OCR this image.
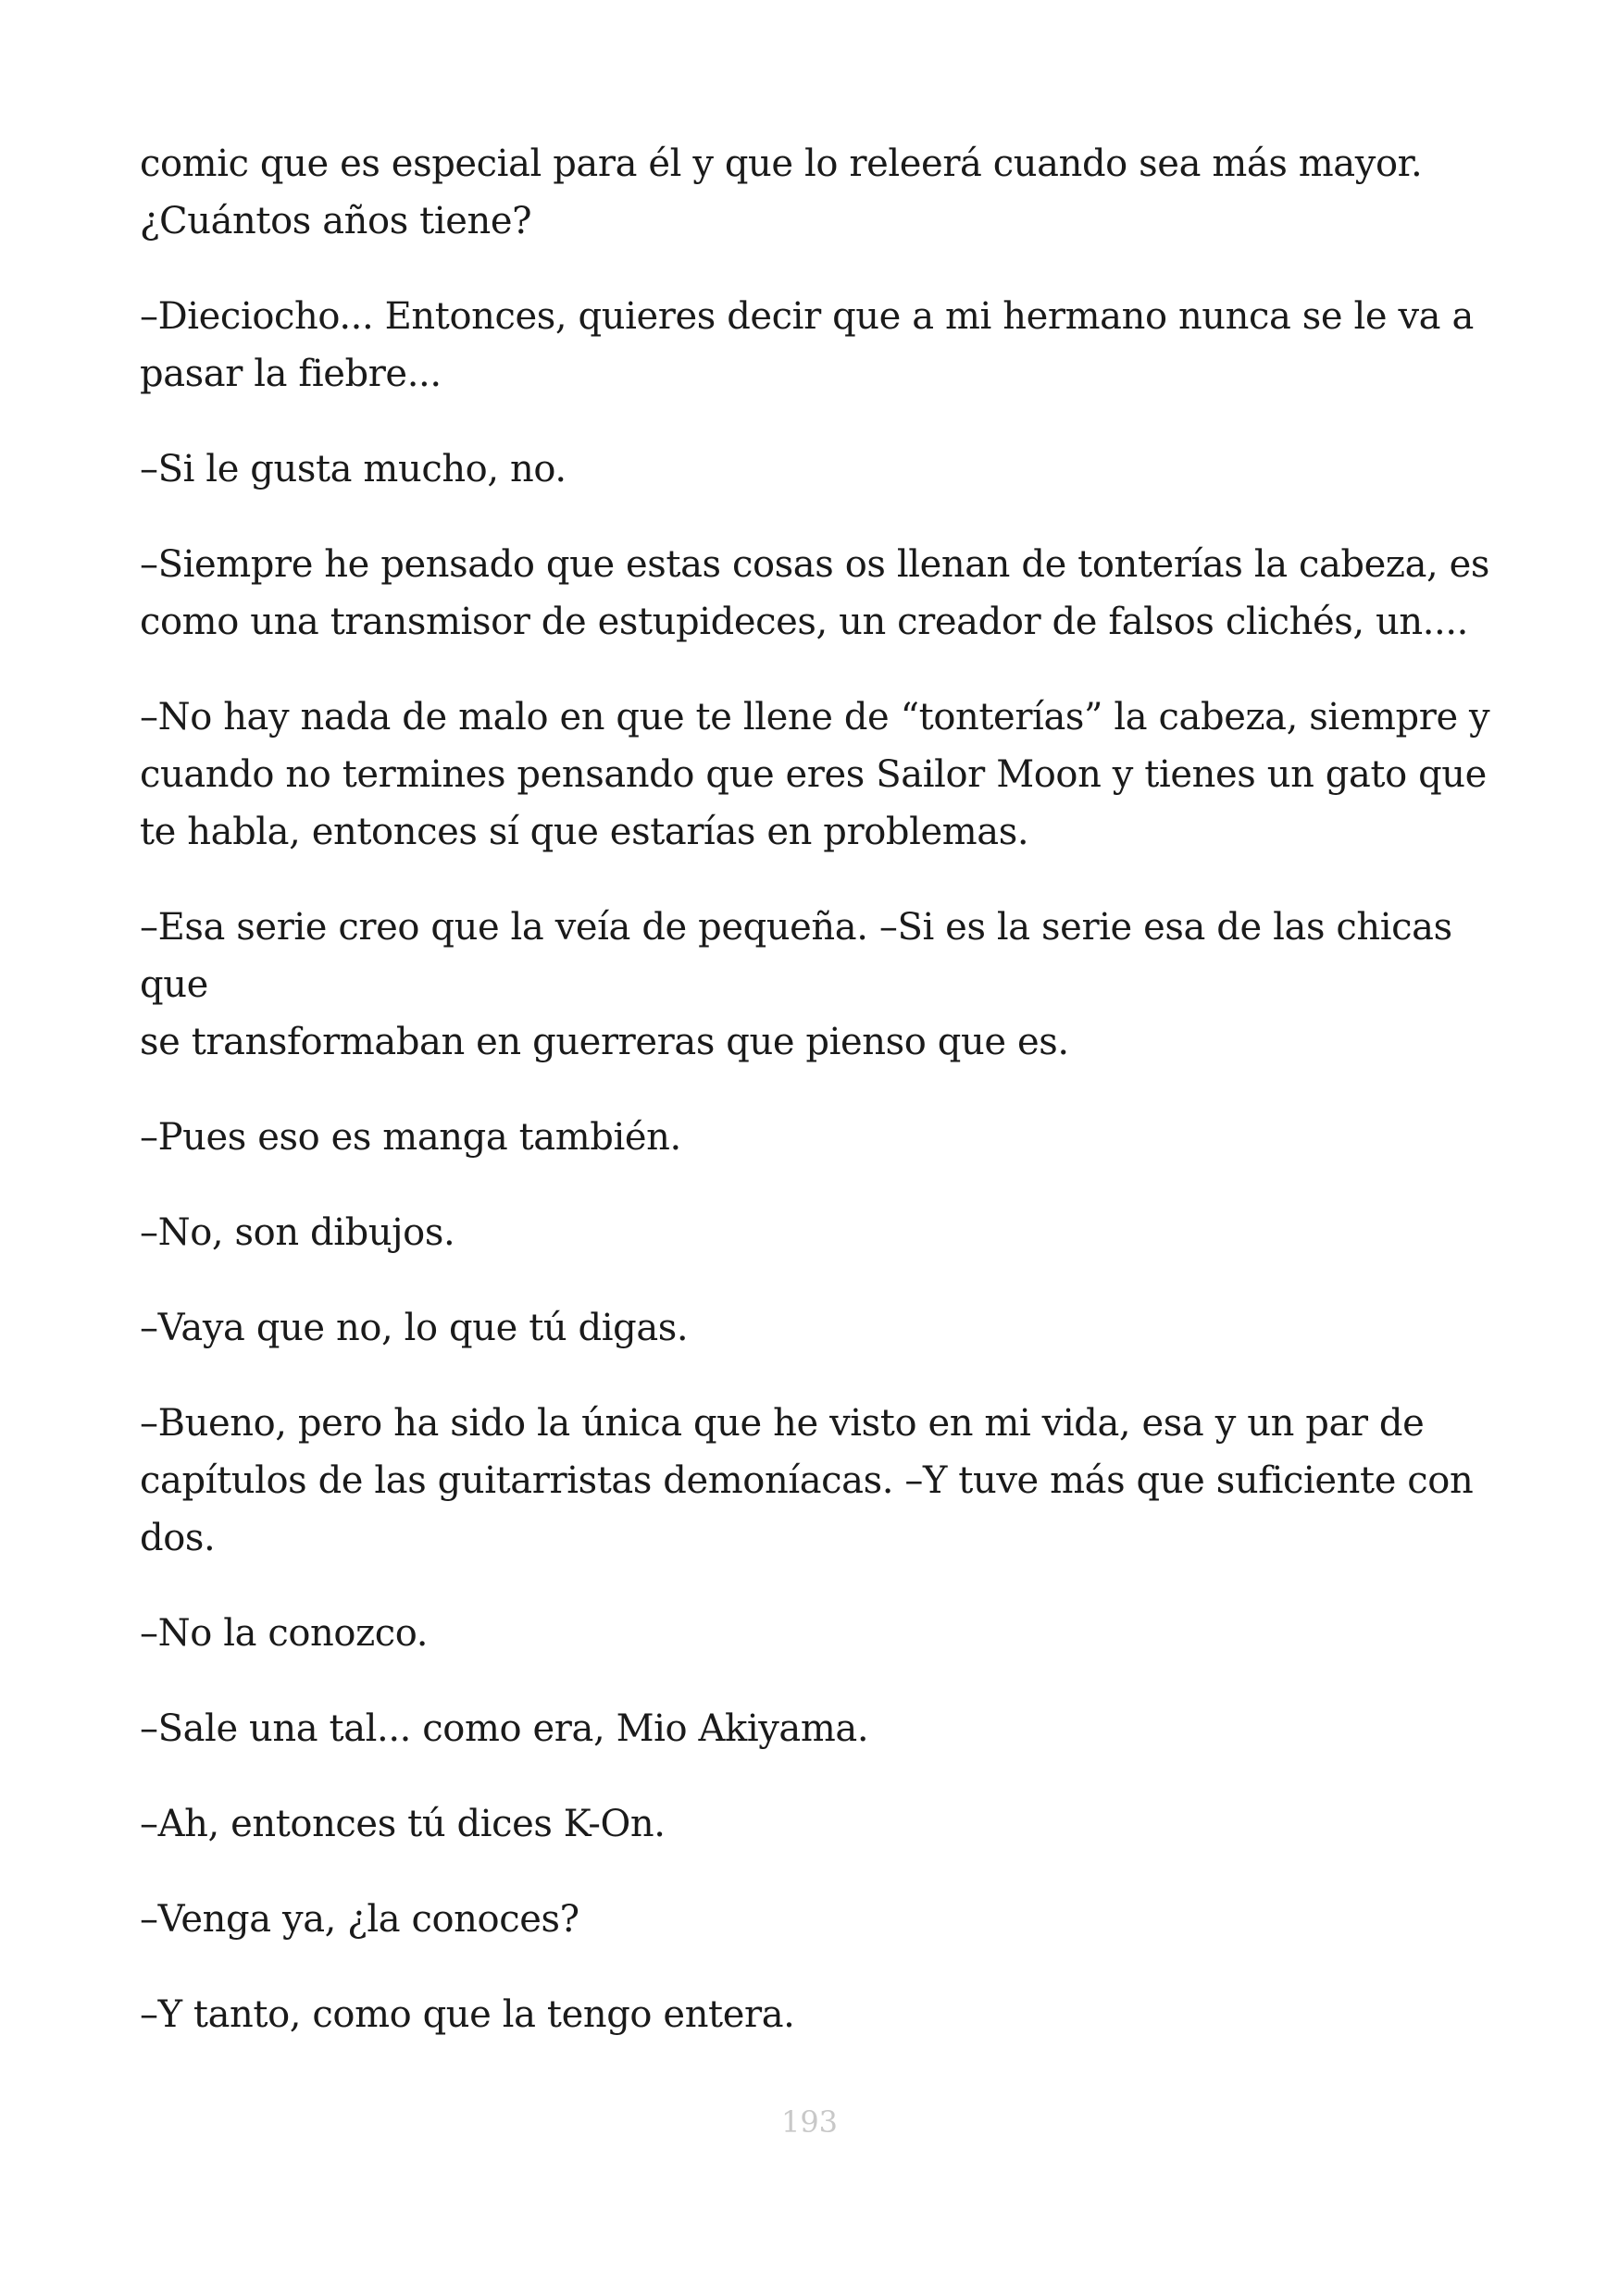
comic que es especial para él y que lo releerá cuando sea más mayor.
¿Cuántos años tiene?

–Dieciocho... Entonces, quieres decir que a mi hermano nunca se le va a
pasar la fiebre...

–Si le gusta mucho, no.

–Siempre he pensado que estas cosas os llenan de tonterías la cabeza, es
como una transmisor de estupideces, un creador de falsos clichés, un....

–No hay nada de malo en que te llene de “tonterías” la cabeza, siempre y
cuando no termines pensando que eres Sailor Moon y tienes un gato que
te habla, entonces sí que estarías en problemas.

–Esa serie creo que la veía de pequeña. –Si es la serie esa de las chicas que
se transformaban en guerreras que pienso que es.

–Pues eso es manga también.

–No, son dibujos.

–Vaya que no, lo que tú digas.

–Bueno, pero ha sido la única que he visto en mi vida, esa y un par de
capítulos de las guitarristas demoníacas. –Y tuve más que suficiente con
dos.

–No la conozco.

–Sale una tal... como era, Mio Akiyama.

–Ah, entonces tú dices K-On.

–Venga ya, ¿la conoces?

–Y tanto, como que la tengo entera.

193
